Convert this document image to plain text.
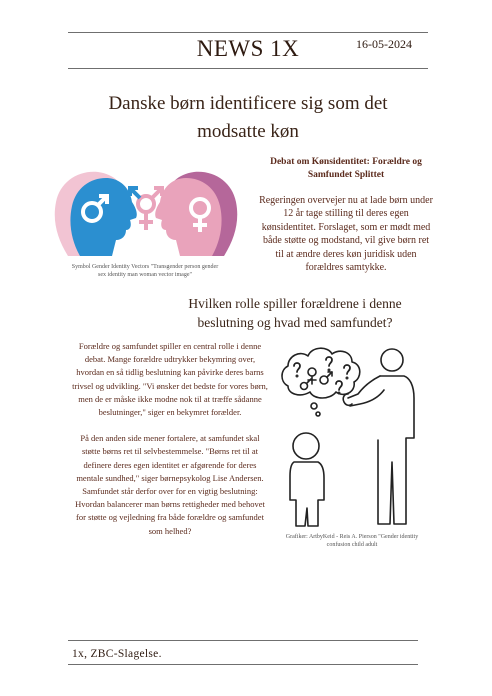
NEWS 1X	16-05-2024
Danske børn identificere sig som det modsatte køn
Symbol Gender Identity Vectors "Transgender person gender sex identity man woman vector image"
Debat om Kønsidentitet: Forældre og Samfundet Splittet
Regeringen overvejer nu at lade børn under 12 år tage stilling til deres egen kønsidentitet. Forslaget, som er mødt med både støtte og modstand, vil give børn ret til at ændre deres køn juridisk uden forældres samtykke.
Hvilken rolle spiller forældrene i denne beslutning og hvad med samfundet?

Forældre og samfundet spiller en central rolle i denne debat. Mange forældre udtrykker bekymring over, hvordan en så tidlig beslutning kan påvirke deres barns trivsel og udvikling. "Vi ønsker det bedste for vores børn, men de er måske ikke modne nok til at træffe sådanne beslutninger," siger en bekymret forælder.

På den anden side mener fortalere, at samfundet skal støtte børns ret til selvbestemmelse. "Børns ret til at definere deres egen identitet er afgørende for deres mentale sundhed," siger børnepsykolog Lise Andersen.

Samfundet står derfor over for en vigtig beslutning: Hvordan balancerer man børns rettigheder med behovet for støtte og vejledning fra både forældre og samfundet som helhed?

Grafiker: ArtbyKeid - Reis A. Pierson "Gender identity confusion child adult
1x, ZBC-Slagelse.
